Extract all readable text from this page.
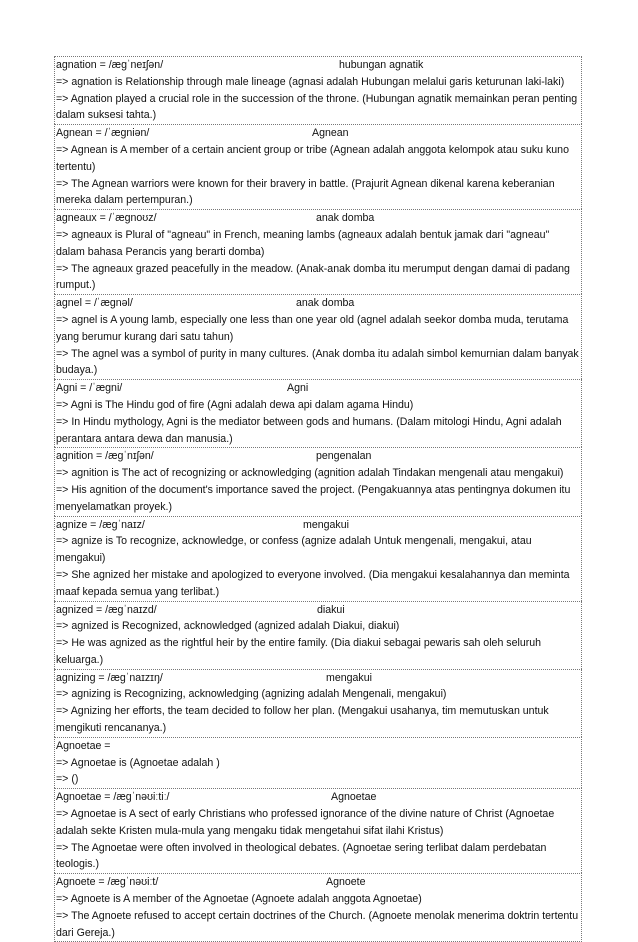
agnation = /æɡˈneɪʃən/	hubungan agnatik
=> agnation is Relationship through male lineage (agnasi adalah Hubungan melalui garis keturunan laki-laki)
=> Agnation played a crucial role in the succession of the throne. (Hubungan agnatik memainkan peran penting dalam suksesi tahta.)
Agnean = /ˈæɡniən/	Agnean
=> Agnean is A member of a certain ancient group or tribe (Agnean adalah anggota kelompok atau suku kuno tertentu)
=> The Agnean warriors were known for their bravery in battle. (Prajurit Agnean dikenal karena keberanian mereka dalam pertempuran.)
agneaux = /ˈæɡnoʊz/	anak domba
=> agneaux is Plural of "agneau" in French, meaning lambs (agneaux adalah bentuk jamak dari "agneau" dalam bahasa Perancis yang berarti domba)
=> The agneaux grazed peacefully in the meadow. (Anak-anak domba itu merumput dengan damai di padang rumput.)
agnel = /ˈæɡnəl/	anak domba
=> agnel is A young lamb, especially one less than one year old (agnel adalah seekor domba muda, terutama yang berumur kurang dari satu tahun)
=> The agnel was a symbol of purity in many cultures. (Anak domba itu adalah simbol kemurnian dalam banyak budaya.)
Agni = /ˈæɡni/	Agni
=> Agni is The Hindu god of fire (Agni adalah dewa api dalam agama Hindu)
=> In Hindu mythology, Agni is the mediator between gods and humans. (Dalam mitologi Hindu, Agni adalah perantara antara dewa dan manusia.)
agnition = /æɡˈnɪʃən/	pengenalan
=> agnition is The act of recognizing or acknowledging (agnition adalah Tindakan mengenali atau mengakui)
=> His agnition of the document's importance saved the project. (Pengakuannya atas pentingnya dokumen itu menyelamatkan proyek.)
agnize = /æɡˈnaɪz/	mengakui
=> agnize is To recognize, acknowledge, or confess (agnize adalah Untuk mengenali, mengakui, atau mengakui)
=> She agnized her mistake and apologized to everyone involved. (Dia mengakui kesalahannya dan meminta maaf kepada semua yang terlibat.)
agnized = /æɡˈnaɪzd/	diakui
=> agnized is Recognized, acknowledged (agnized adalah Diakui, diakui)
=> He was agnized as the rightful heir by the entire family. (Dia diakui sebagai pewaris sah oleh seluruh keluarga.)
agnizing = /æɡˈnaɪzɪŋ/	mengakui
=> agnizing is Recognizing, acknowledging (agnizing adalah Mengenali, mengakui)
=> Agnizing her efforts, the team decided to follow her plan. (Mengakui usahanya, tim memutuskan untuk mengikuti rencananya.)
Agnoetae =
=> Agnoetae is (Agnoetae adalah )
=> ()
Agnoetae = /æɡˈnəʊiːtiː/	Agnoetae
=> Agnoetae is A sect of early Christians who professed ignorance of the divine nature of Christ (Agnoetae adalah sekte Kristen mula-mula yang mengaku tidak mengetahui sifat ilahi Kristus)
=> The Agnoetae were often involved in theological debates. (Agnoetae sering terlibat dalam perdebatan teologis.)
Agnoete = /æɡˈnəʊiːt/	Agnoete
=> Agnoete is A member of the Agnoetae (Agnoete adalah anggota Agnoetae)
=> The Agnoete refused to accept certain doctrines of the Church. (Agnoete menolak menerima doktrin tertentu dari Gereja.)
